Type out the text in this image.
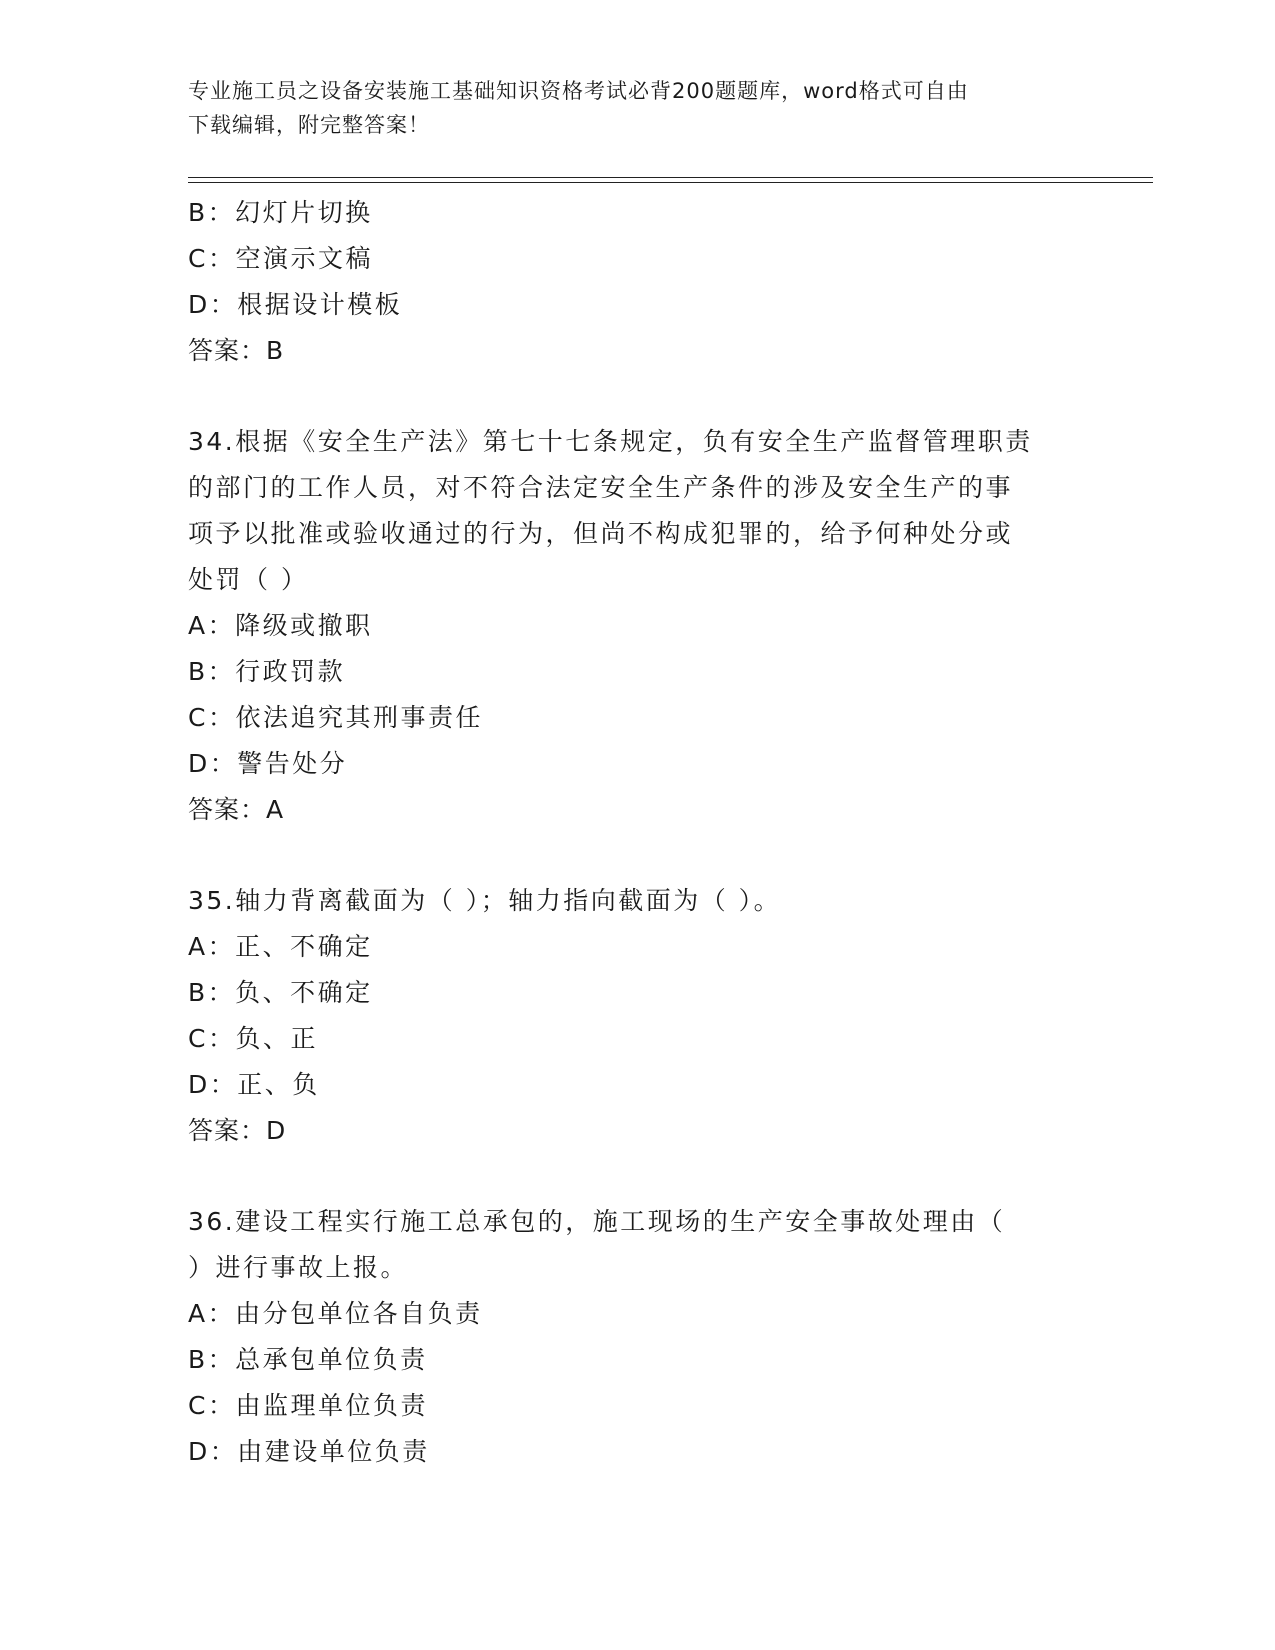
专业施工员之设备安装施工基础知识资格考试必背200题题库，word格式可自由
下载编辑，附完整答案！
B：幻灯片切换
C：空演示文稿
D：根据设计模板
答案：B
34.根据《安全生产法》第七十七条规定，负有安全生产监督管理职责
的部门的工作人员，对不符合法定安全生产条件的涉及安全生产的事
项予以批准或验收通过的行为，但尚不构成犯罪的，给予何种处分或
处罚（ ）
A：降级或撤职
B：行政罚款
C：依法追究其刑事责任
D：警告处分
答案：A
35.轴力背离截面为（ ）；轴力指向截面为（ ）。
A：正、不确定
B：负、不确定
C：负、正
D：正、负
答案：D
36.建设工程实行施工总承包的，施工现场的生产安全事故处理由（
）进行事故上报。
A：由分包单位各自负责
B：总承包单位负责
C：由监理单位负责
D：由建设单位负责
